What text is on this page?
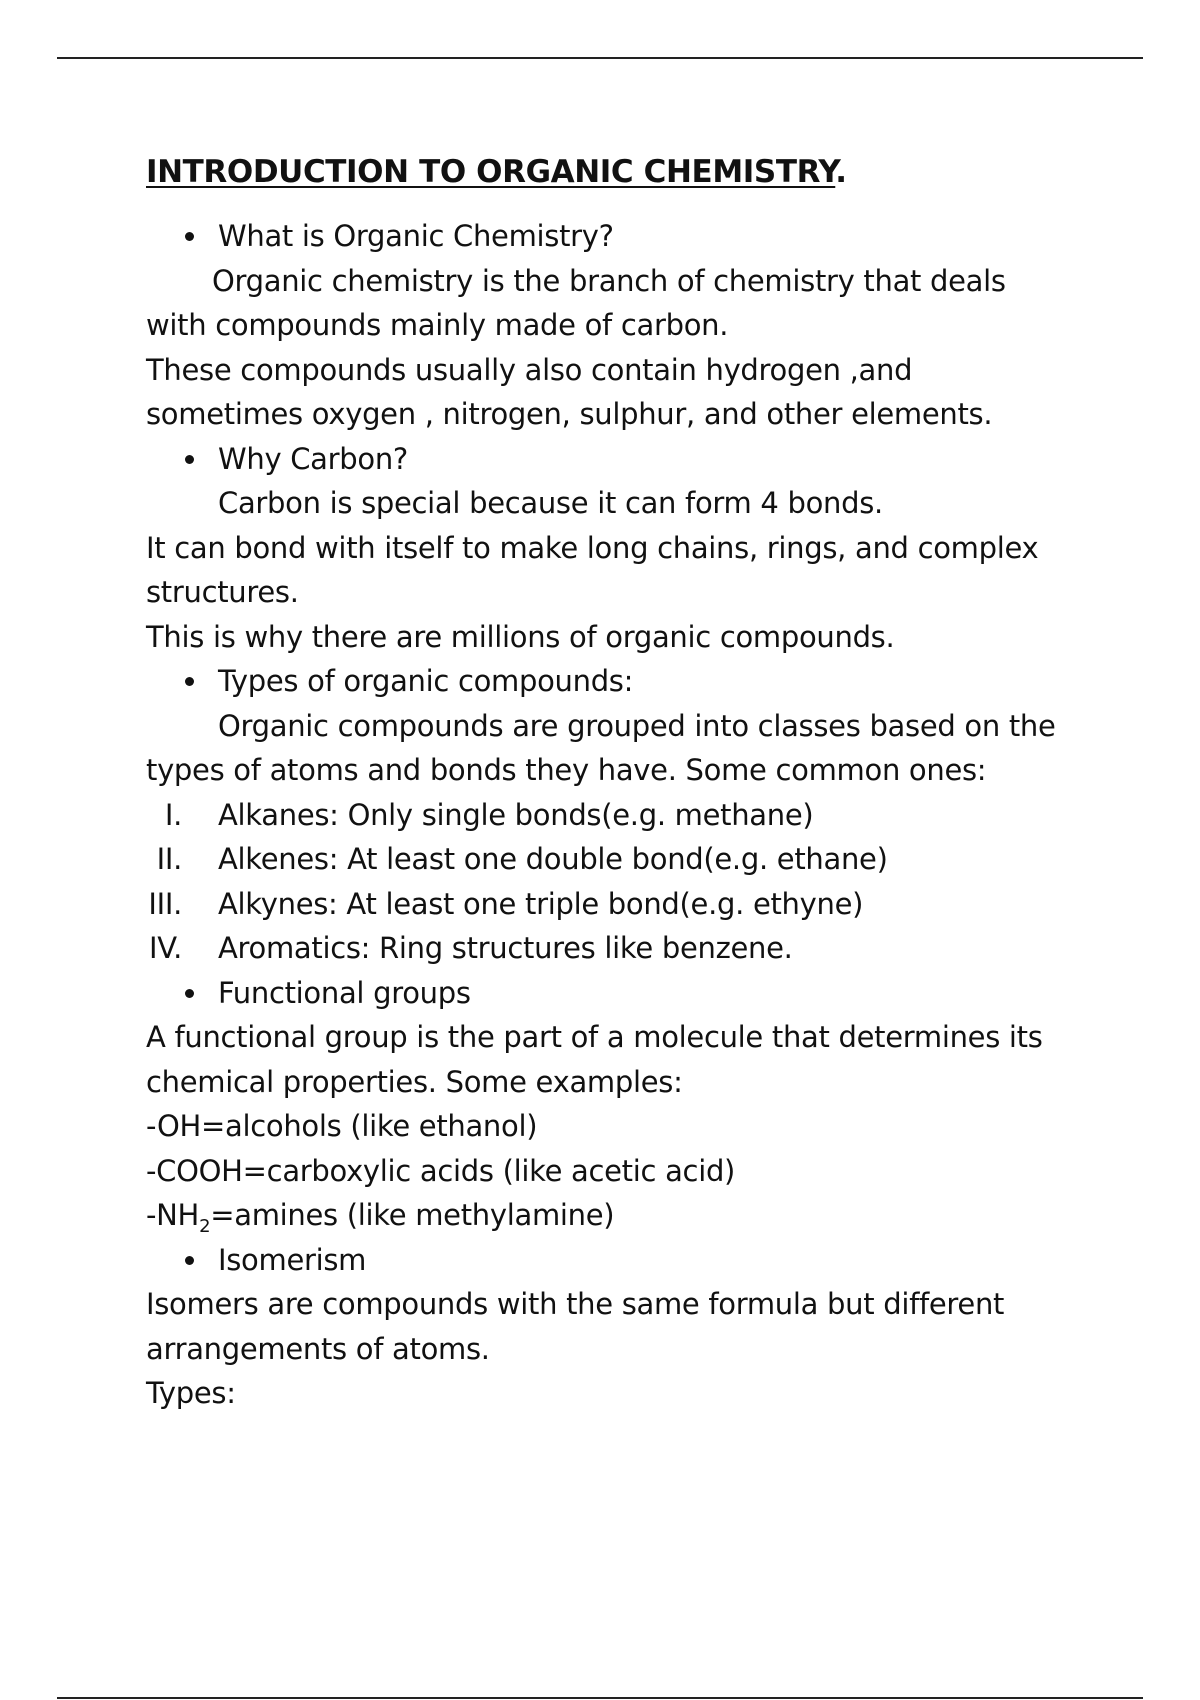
INTRODUCTION TO ORGANIC CHEMISTRY.
What is Organic Chemistry?
Organic chemistry is the branch of chemistry that deals
with compounds mainly made of carbon.
These compounds usually also contain hydrogen ,and
sometimes oxygen , nitrogen, sulphur, and other elements.
Why Carbon?
Carbon is special because it can form 4 bonds.
It can bond with itself to make long chains, rings, and complex
structures.
This is why there are millions of organic compounds.
Types of organic compounds:
Organic compounds are grouped into classes based on the
types of atoms and bonds they have. Some common ones:
I. Alkanes: Only single bonds(e.g. methane)
II. Alkenes: At least one double bond(e.g. ethane)
III. Alkynes: At least one triple bond(e.g. ethyne)
IV. Aromatics: Ring structures like benzene.
Functional groups
A functional group is the part of a molecule that determines its
chemical properties. Some examples:
-OH=alcohols (like ethanol)
-COOH=carboxylic acids (like acetic acid)
$-NH_2=amines$ (like methylamine)
Isomerism
Isomers are compounds with the same formula but different
arrangements of atoms.
Types:
